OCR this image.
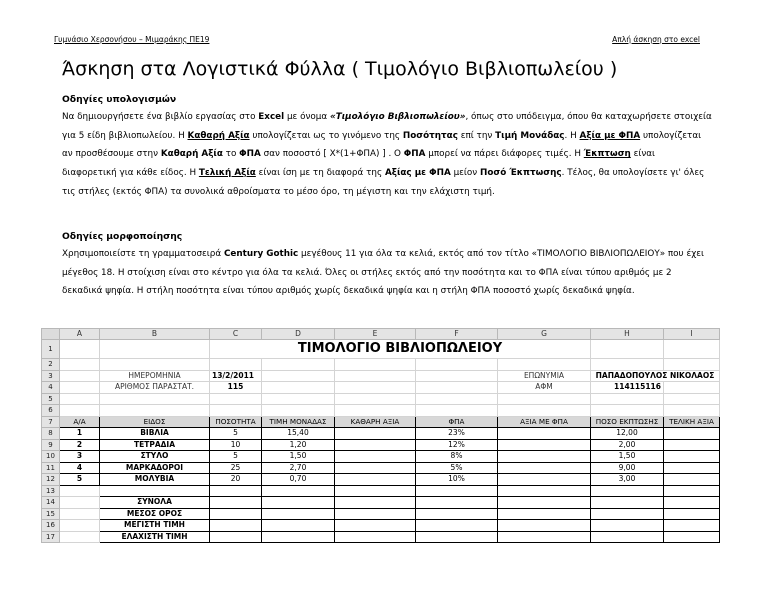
Γυμνάσιο Χερσονήσου – Μιμαράκης ΠΕ19	Απλή άσκηση στο excel
Άσκηση στα Λογιστικά Φύλλα ( Τιμολόγιο Βιβλιοπωλείου )
Οδηγίες υπολογισμών

Να δημιουργήσετε ένα βιβλίο εργασίας στο Excel με όνομα «Τιμολόγιο Βιβλιοπωλείου», όπως στο υπόδειγμα, όπου θα καταχωρήσετε στοιχεία για 5 είδη βιβλιοπωλείου. Η Καθαρή Αξία υπολογίζεται ως το γινόμενο της Ποσότητας επί την Τιμή Μονάδας. Η Αξία με ΦΠΑ υπολογίζεται αν προσθέσουμε στην Καθαρή Αξία το ΦΠΑ σαν ποσοστό [ Χ*(1+ΦΠΑ) ] . Ο ΦΠΑ μπορεί να πάρει διάφορες τιμές. Η Έκπτωση είναι διαφορετική για κάθε είδος. Η Τελική Αξία είναι ίση με τη διαφορά της Αξίας με ΦΠΑ μείον Ποσό Έκπτωσης. Τέλος, θα υπολογίσετε γι' όλες τις στήλες (εκτός ΦΠΑ) τα συνολικά αθροίσματα το μέσο όρο, τη μέγιστη και την ελάχιστη τιμή.

Οδηγίες μορφοποίησης

Χρησιμοποιείστε τη γραμματοσειρά Century Gothic μεγέθους 11 για όλα τα κελιά, εκτός από τον τίτλο «ΤΙΜΟΛΟΓΙΟ ΒΙΒΛΙΟΠΩΛΕΙΟΥ» που έχει μέγεθος 18. Η στοίχιση είναι στο κέντρο για όλα τα κελιά. Όλες οι στήλες εκτός από την ποσότητα και το ΦΠΑ είναι τύπου αριθμός με 2 δεκαδικά ψηφία. Η στήλη ποσότητα είναι τύπου αριθμός χωρίς δεκαδικά ψηφία και η στήλη ΦΠΑ ποσοστό χωρίς δεκαδικά ψηφία.

	A	B	C	D	E	F	G	H	I
1			ΤΙΜΟΛΟΓΙΟ ΒΙΒΛΙΟΠΩΛΕΙΟΥ						
2									
3		ΗΜΕΡΟΜΗΝΙΑ	13/2/2011				ΕΠΩΝΥΜΙΑ	ΠΑΠΑΔΟΠΟΥΛΟΣ ΝΙΚΟΛΑΟΣ	
4		ΑΡΙΘΜΟΣ ΠΑΡΑΣΤΑΤ.	115				ΑΦΜ	114115116	
5									
6									
7	Α/Α	ΕΙΔΟΣ	ΠΟΣΟΤΗΤΑ	ΤΙΜΗ ΜΟΝΑΔΑΣ	ΚΑΘΑΡΗ ΑΞΙΑ	ΦΠΑ	ΑΞΙΑ ΜΕ ΦΠΑ	ΠΟΣΟ ΕΚΠΤΩΣΗΣ	ΤΕΛΙΚΗ ΑΞΙΑ
8	1	ΒΙΒΛΙΑ	5	15,40		23%		12,00	
9	2	ΤΕΤΡΑΔΙΑ	10	1,20		12%		2,00	
10	3	ΣΤΥΛΟ	5	1,50		8%		1,50	
11	4	ΜΑΡΚΑΔΟΡΟΙ	25	2,70		5%		9,00	
12	5	ΜΟΛΥΒΙΑ	20	0,70		10%		3,00	
13									
14		ΣΥΝΟΛΑ							
15		ΜΕΣΟΣ ΟΡΟΣ							
16		ΜΕΓΙΣΤΗ ΤΙΜΗ							
17		ΕΛΑΧΙΣΤΗ ΤΙΜΗ							
